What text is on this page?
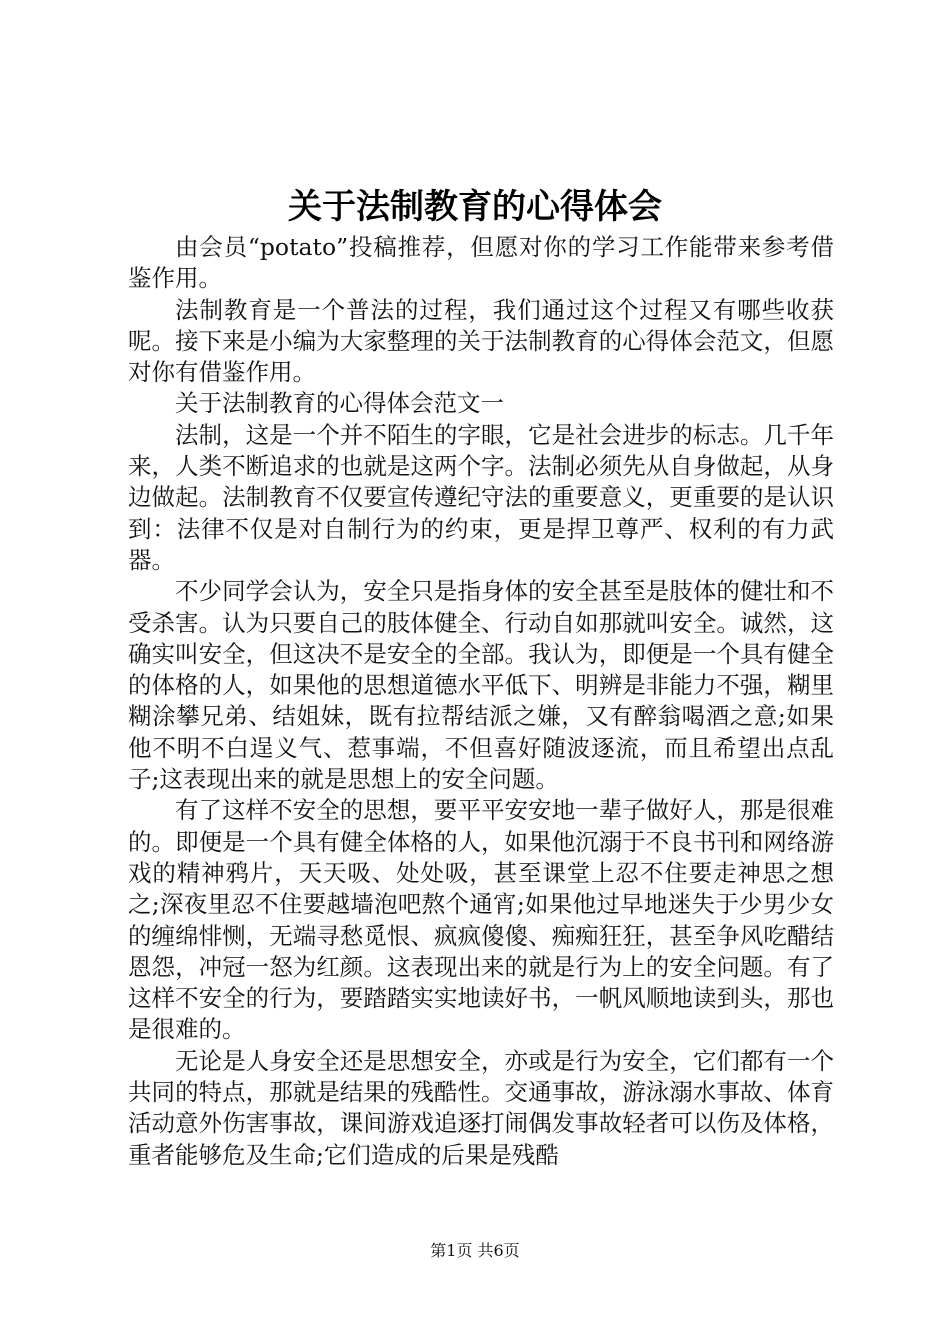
关于法制教育的心得体会

由会员“potato”投稿推荐，但愿对你的学习工作能带来参考借鉴作用。

法制教育是一个普法的过程，我们通过这个过程又有哪些收获呢。接下来是小编为大家整理的关于法制教育的心得体会范文，但愿对你有借鉴作用。

关于法制教育的心得体会范文一

法制，这是一个并不陌生的字眼，它是社会进步的标志。几千年来，人类不断追求的也就是这两个字。法制必须先从自身做起，从身边做起。法制教育不仅要宣传遵纪守法的重要意义，更重要的是认识到：法律不仅是对自制行为的约束，更是捍卫尊严、权利的有力武器。

不少同学会认为，安全只是指身体的安全甚至是肢体的健壮和不受杀害。认为只要自己的肢体健全、行动自如那就叫安全。诚然，这确实叫安全，但这决不是安全的全部。我认为，即便是一个具有健全的体格的人，如果他的思想道德水平低下、明辨是非能力不强，糊里糊涂攀兄弟、结姐妹，既有拉帮结派之嫌，又有醉翁喝酒之意;如果他不明不白逞义气、惹事端，不但喜好随波逐流，而且希望出点乱子;这表现出来的就是思想上的安全问题。

有了这样不安全的思想，要平平安安地一辈子做好人，那是很难的。即便是一个具有健全体格的人，如果他沉溺于不良书刊和网络游戏的精神鸦片，天天吸、处处吸，甚至课堂上忍不住要走神思之想之;深夜里忍不住要越墙泡吧熬个通宵;如果他过早地迷失于少男少女的缠绵悱恻，无端寻愁觅恨、疯疯傻傻、痴痴狂狂，甚至争风吃醋结恩怨，冲冠一怒为红颜。这表现出来的就是行为上的安全问题。有了这样不安全的行为，要踏踏实实地读好书，一帆风顺地读到头，那也是很难的。

无论是人身安全还是思想安全，亦或是行为安全，它们都有一个共同的特点，那就是结果的残酷性。交通事故，游泳溺水事故、体育活动意外伤害事故，课间游戏追逐打闹偶发事故轻者可以伤及体格，重者能够危及生命;它们造成的后果是残酷

第1页 共6页
